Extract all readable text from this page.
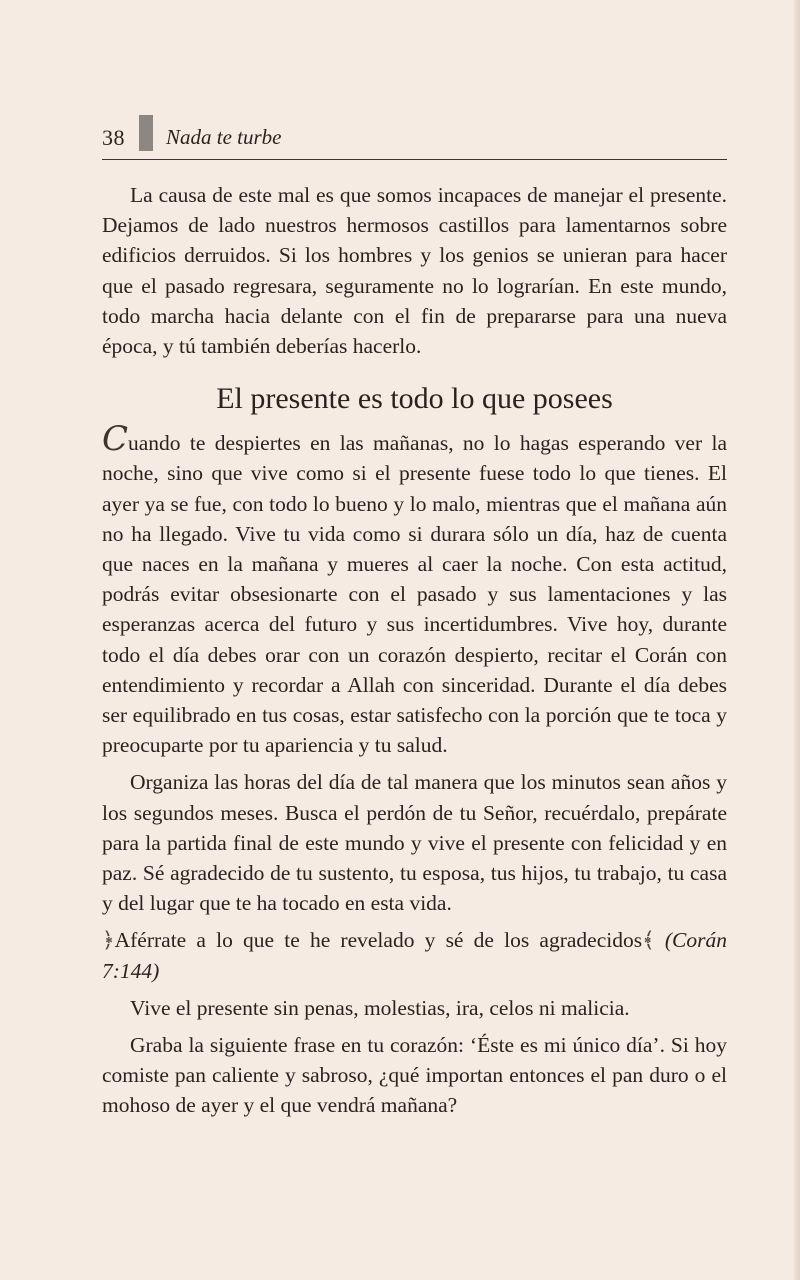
38 Nada te turbe

La causa de este mal es que somos incapaces de manejar el presente. Dejamos de lado nuestros hermosos castillos para lamentarnos sobre edificios derruidos. Si los hombres y los genios se unieran para hacer que el pasado regresara, seguramente no lo lograrían. En este mundo, todo marcha hacia delante con el fin de prepararse para una nueva época, y tú también deberías hacerlo.

El presente es todo lo que posees

Cuando te despiertes en las mañanas, no lo hagas esperando ver la noche, sino que vive como si el presente fuese todo lo que tienes. El ayer ya se fue, con todo lo bueno y lo malo, mientras que el mañana aún no ha llegado. Vive tu vida como si durara sólo un día, haz de cuenta que naces en la mañana y mueres al caer la noche. Con esta actitud, podrás evitar obsesionarte con el pasado y sus lamentaciones y las esperanzas acerca del futuro y sus incertidumbres. Vive hoy, durante todo el día debes orar con un corazón despierto, recitar el Corán con entendimiento y recordar a Allah con sinceridad. Durante el día debes ser equilibrado en tus cosas, estar satisfecho con la porción que te toca y preocuparte por tu apariencia y tu salud.

Organiza las horas del día de tal manera que los minutos sean años y los segundos meses. Busca el perdón de tu Señor, recuérdalo, prepárate para la partida final de este mundo y vive el presente con felicidad y en paz. Sé agradecido de tu sustento, tu esposa, tus hijos, tu trabajo, tu casa y del lugar que te ha tocado en esta vida.

﴿Aférrate a lo que te he revelado y sé de los agradecidos﴾ (Corán 7:144)

Vive el presente sin penas, molestias, ira, celos ni malicia.

Graba la siguiente frase en tu corazón: ‘Éste es mi único día’. Si hoy comiste pan caliente y sabroso, ¿qué importan entonces el pan duro o el mohoso de ayer y el que vendrá mañana?
